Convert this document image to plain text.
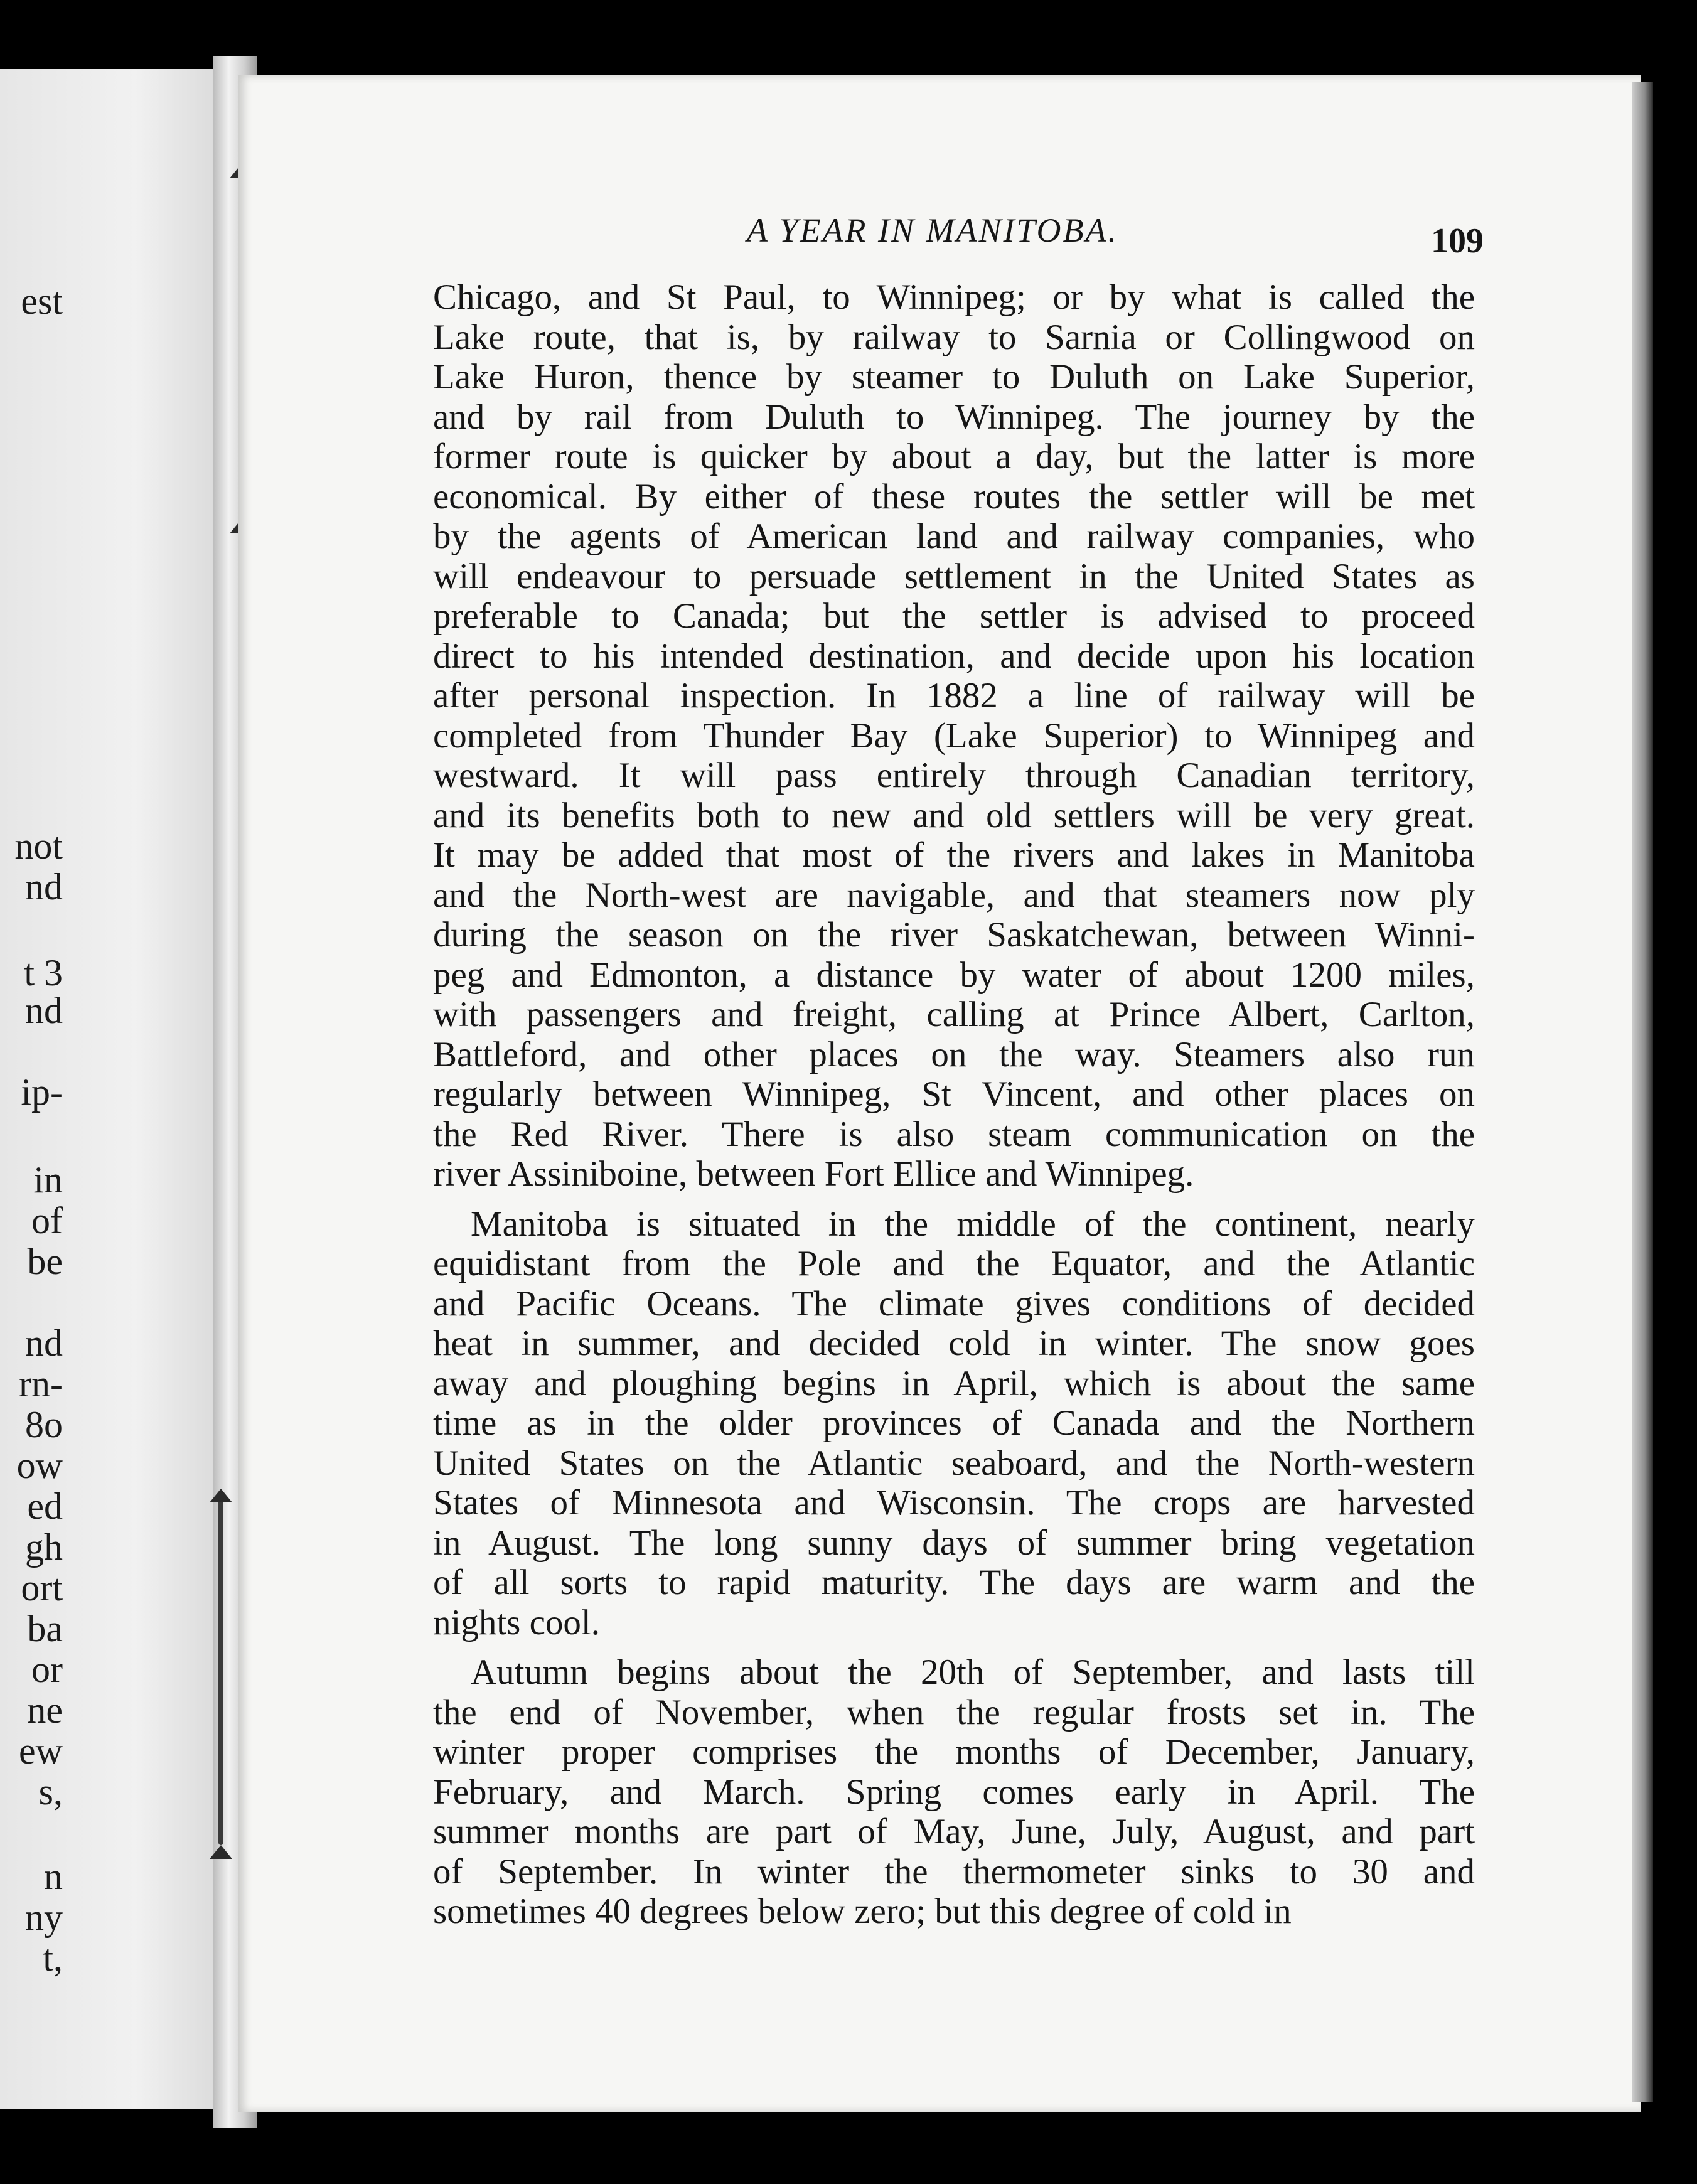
est
not
nd
t 3
nd
ip-
in
of
be
nd
rn-
8o
ow
ed
gh
ort
ba
or
ne
ew
s,
n
ny
t,
A YEAR IN MANITOBA.	109

Chicago, and St Paul, to Winnipeg; or by what is called the
Lake route, that is, by railway to Sarnia or Collingwood on
Lake Huron, thence by steamer to Duluth on Lake Superior,
and by rail from Duluth to Winnipeg. The journey by the
former route is quicker by about a day, but the latter is more
economical. By either of these routes the settler will be met
by the agents of American land and railway companies, who
will endeavour to persuade settlement in the United States as
preferable to Canada; but the settler is advised to proceed
direct to his intended destination, and decide upon his location
after personal inspection. In 1882 a line of railway will be
completed from Thunder Bay (Lake Superior) to Winnipeg and
westward. It will pass entirely through Canadian territory,
and its benefits both to new and old settlers will be very great.
It may be added that most of the rivers and lakes in Manitoba
and the North-west are navigable, and that steamers now ply
during the season on the river Saskatchewan, between Winni-
peg and Edmonton, a distance by water of about 1200 miles,
with passengers and freight, calling at Prince Albert, Carlton,
Battleford, and other places on the way. Steamers also run
regularly between Winnipeg, St Vincent, and other places on
the Red River. There is also steam communication on the
river Assiniboine, between Fort Ellice and Winnipeg.

Manitoba is situated in the middle of the continent, nearly
equidistant from the Pole and the Equator, and the Atlantic
and Pacific Oceans. The climate gives conditions of decided
heat in summer, and decided cold in winter. The snow goes
away and ploughing begins in April, which is about the same
time as in the older provinces of Canada and the Northern
United States on the Atlantic seaboard, and the North-western
States of Minnesota and Wisconsin. The crops are harvested
in August. The long sunny days of summer bring vegetation
of all sorts to rapid maturity. The days are warm and the
nights cool.

Autumn begins about the 20th of September, and lasts till
the end of November, when the regular frosts set in. The
winter proper comprises the months of December, January,
February, and March. Spring comes early in April. The
summer months are part of May, June, July, August, and part
of September. In winter the thermometer sinks to 30 and
sometimes 40 degrees below zero; but this degree of cold in
